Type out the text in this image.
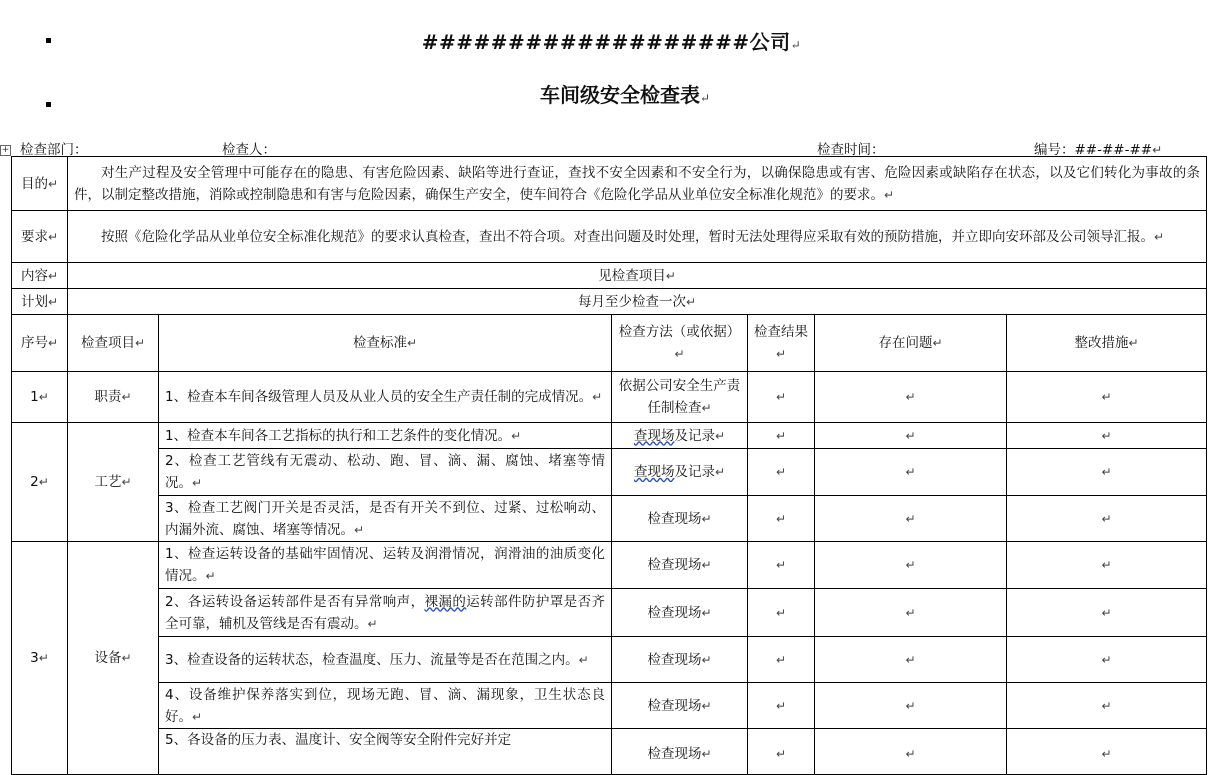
###################公司↵
车间级安全检查表↵
+ 检查部门：	检查人：	检查时间：	编号：##-##-##↵
目的↵	对生产过程及安全管理中可能存在的隐患、有害危险因素、缺陷等进行查证，查找不安全因素和不安全行为，以确保隐患或有害、危险因素或缺陷存在状态，以及它们转化为事故的条件，以制定整改措施，消除或控制隐患和有害与危险因素，确保生产安全，使车间符合《危险化学品从业单位安全标准化规范》的要求。↵					
要求↵	按照《危险化学品从业单位安全标准化规范》的要求认真检查，查出不符合项。对查出问题及时处理，暂时无法处理得应采取有效的预防措施，并立即向安环部及公司领导汇报。↵					
内容↵	见检查项目↵					
计划↵	每月至少检查一次↵					
序号↵	检查项目↵	检查标准↵	检查方法（或依据）↵	检查结果↵	存在问题↵	整改措施↵
1↵	职责↵	1、检查本车间各级管理人员及从业人员的安全生产责任制的完成情况。↵	依据公司安全生产责任制检查↵	↵	↵	↵
2↵	工艺↵	1、检查本车间各工艺指标的执行和工艺条件的变化情况。↵	查现场及记录↵	↵	↵	↵
		2、检查工艺管线有无震动、松动、跑、冒、滴、漏、腐蚀、堵塞等情况。↵	查现场及记录↵	↵	↵	↵
		3、检查工艺阀门开关是否灵活，是否有开关不到位、过紧、过松响动、内漏外流、腐蚀、堵塞等情况。↵	检查现场↵	↵	↵	↵
3↵	设备↵	1、检查运转设备的基础牢固情况、运转及润滑情况，润滑油的油质变化情况。↵	检查现场↵	↵	↵	↵
		2、各运转设备运转部件是否有异常响声，裸漏的运转部件防护罩是否齐全可靠，辅机及管线是否有震动。↵	检查现场↵	↵	↵	↵
		3、检查设备的运转状态，检查温度、压力、流量等是否在范围之内。↵	检查现场↵	↵	↵	↵
		4、设备维护保养落实到位，现场无跑、冒、滴、漏现象，卫生状态良好。↵	检查现场↵	↵	↵	↵
		5、各设备的压力表、温度计、安全阀等安全附件完好并定	检查现场↵	↵	↵	↵
